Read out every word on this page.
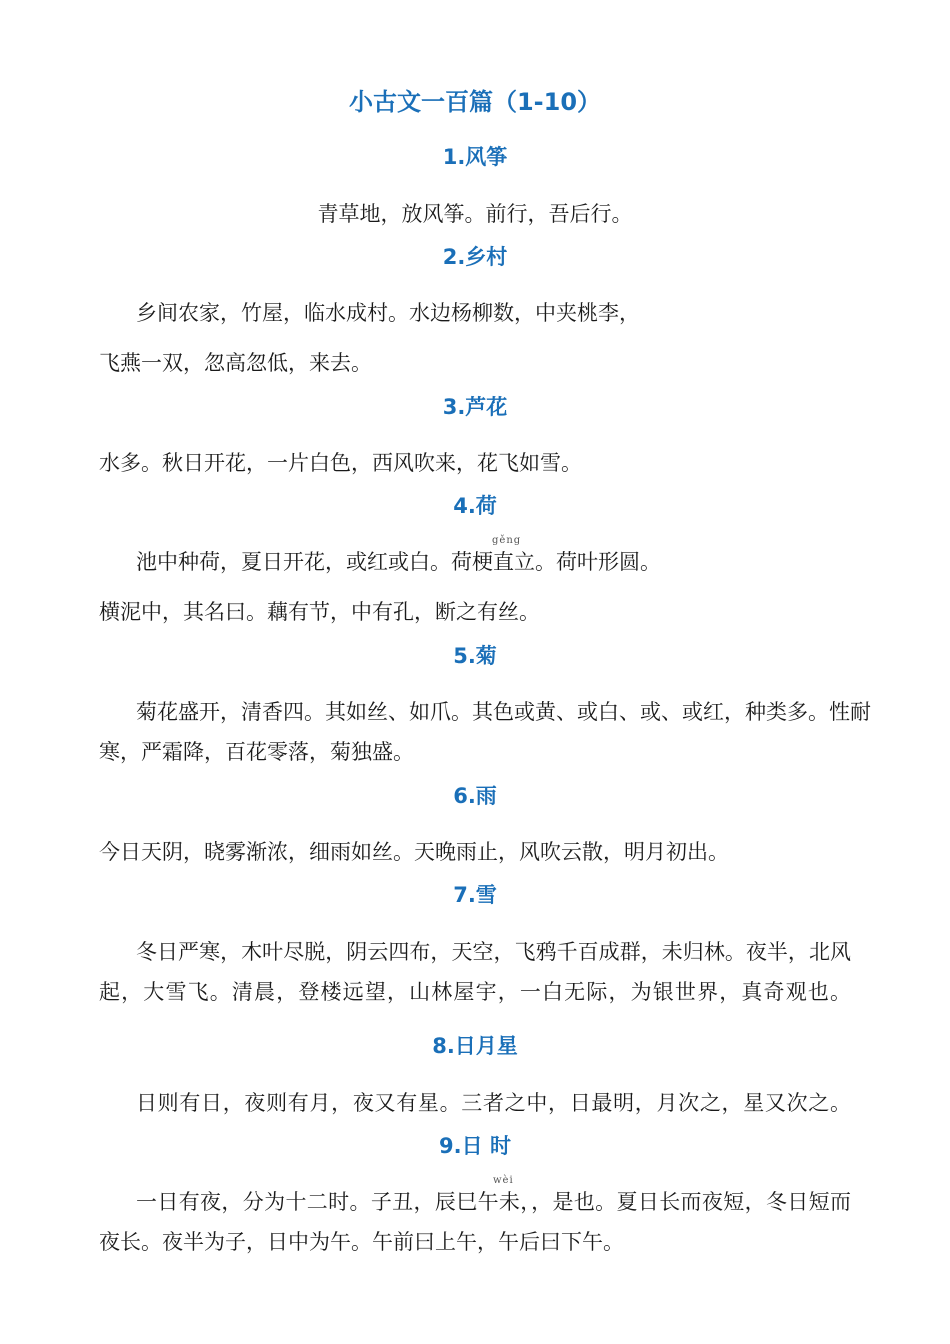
小古文一百篇（1-10）
1.风筝

青草地，放风筝。前行，吾后行。

2.乡村

乡间农家，竹屋，临水成村。水边杨柳数，中夹桃李，

飞燕一双，忽高忽低，来去。

3.芦花

水多。秋日开花，一片白色，西风吹来，花飞如雪。

4.荷
gěng

池中种荷，夏日开花，或红或白。荷梗直立。荷叶形圆。

横泥中，其名曰。藕有节，中有孔，断之有丝。

5.菊

菊花盛开，清香四。其如丝、如爪。其色或黄、或白、或、或红，种类多。性耐

寒，严霜降，百花零落，菊独盛。

6.雨

今日天阴，晓雾渐浓，细雨如丝。天晚雨止，风吹云散，明月初出。

7.雪

冬日严寒，木叶尽脱，阴云四布，天空，飞鸦千百成群，未归林。夜半，北风

起，大雪飞。清晨，登楼远望，山林屋宇，一白无际，为银世界，真奇观也。

8.日月星

日则有日，夜则有月，夜又有星。三者之中，日最明，月次之，星又次之。

9.日 时
wèi

一日有夜，分为十二时。子丑，辰巳午未，，是也。夏日长而夜短，冬日短而

夜长。夜半为子，日中为午。午前曰上午，午后曰下午。
